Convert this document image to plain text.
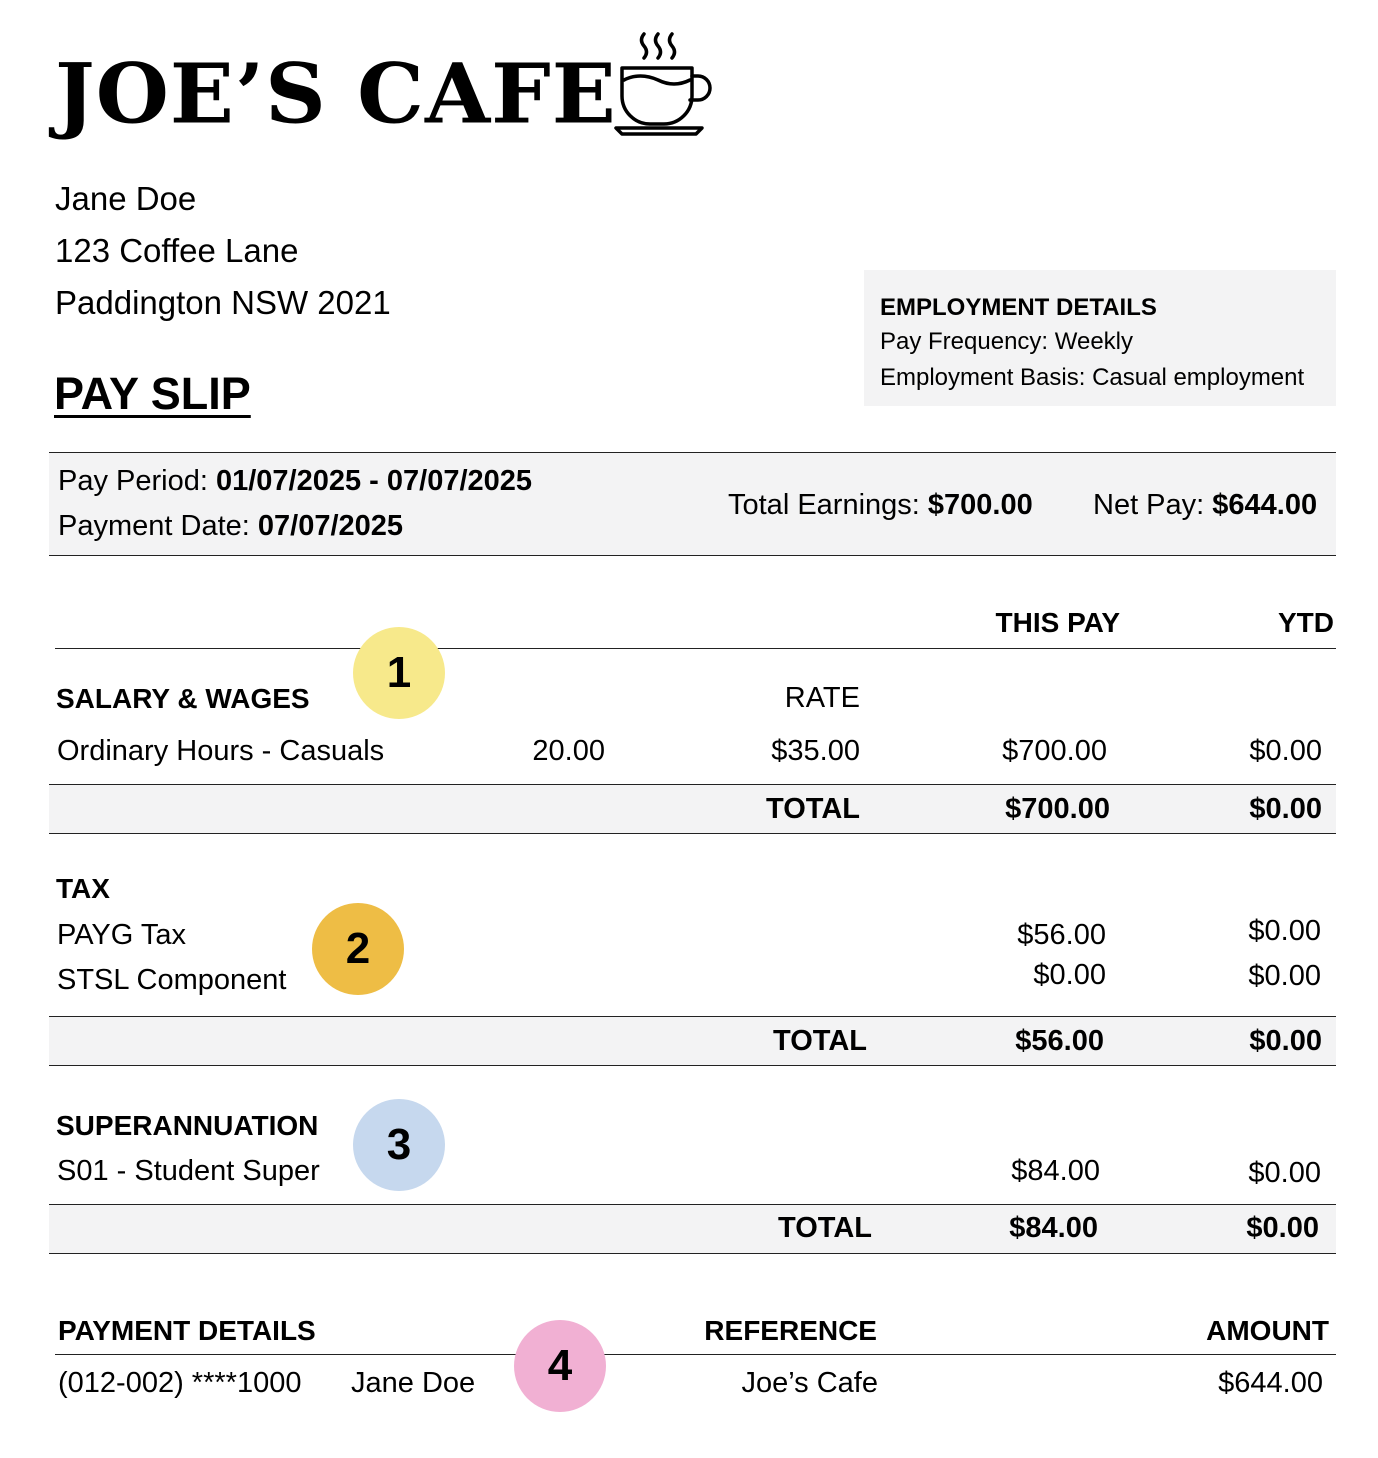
JOE’S CAFE
Jane Doe
123 Coffee Lane
Paddington NSW 2021
PAY SLIP
EMPLOYMENT DETAILS
Pay Frequency: Weekly
Employment Basis: Casual employment
Pay Period: 01/07/2025 - 07/07/2025
Payment Date: 07/07/2025
Total Earnings: $700.00 Net Pay: $644.00
THIS PAY	YTD
SALARY & WAGES
1
RATE
Ordinary Hours - Casuals	20.00	$35.00	$700.00	$0.00
TOTAL	$700.00	$0.00
TAX
2
PAYG Tax	$56.00	$0.00
STSL Component	$0.00	$0.00
TOTAL	$56.00	$0.00
SUPERANNUATION	3
S01 - Student Super	$84.00	$0.00
TOTAL	$84.00	$0.00
PAYMENT DETAILS	REFERENCE	AMOUNT
4
(012-002) ****1000 Jane Doe	Joe’s Cafe	$644.00
